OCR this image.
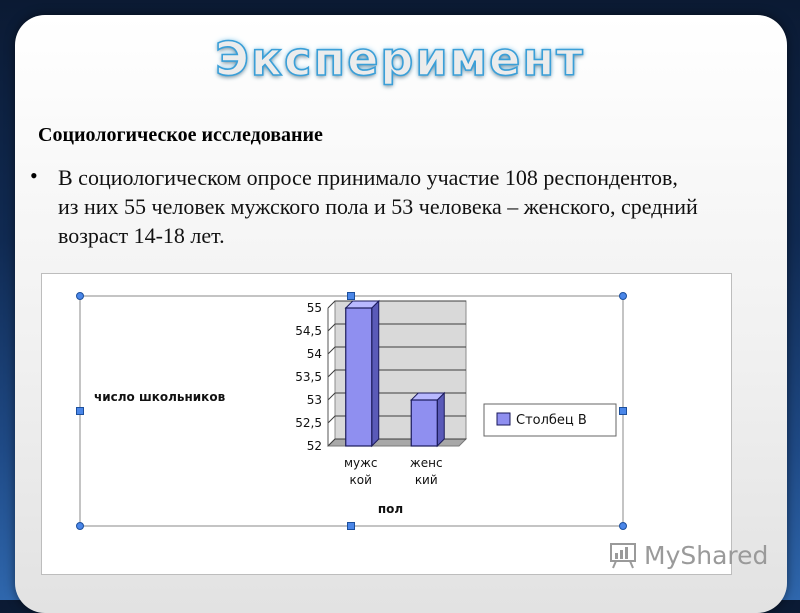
Эксперимент
Социологическое исследование
• В социологическом опросе принимало участие 108 респондентов, из них 55 человек мужского пола и 53 человека – женского, средний возраст 14-18 лет.
52
52,5
53
53,5
54
54,5
55
мужс
кой
женс
кий
пол
число школьников
Столбец B
MyShared
